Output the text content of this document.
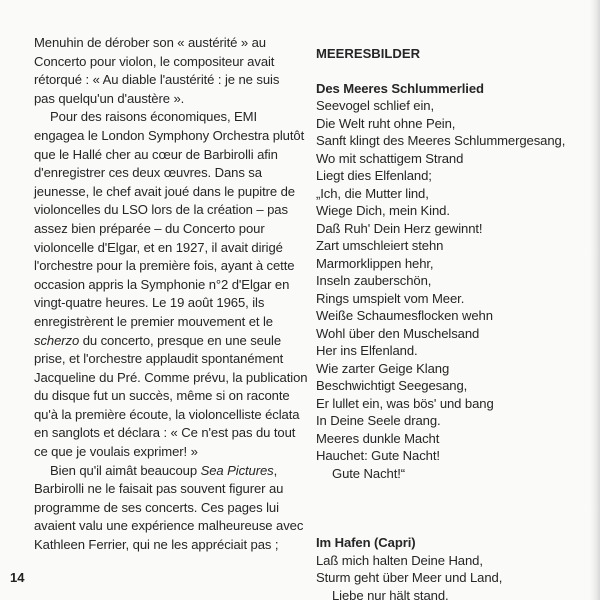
Menuhin de dérober son « austérité » au

Concerto pour violon, le compositeur avait

rétorqué : « Au diable l'austérité : je ne suis

pas quelqu'un d'austère ».

Pour des raisons économiques, EMI

engagea le London Symphony Orchestra plutôt

que le Hallé cher au cœur de Barbirolli afin

d'enregistrer ces deux œuvres. Dans sa

jeunesse, le chef avait joué dans le pupitre de

violoncelles du LSO lors de la création – pas

assez bien préparée – du Concerto pour

violoncelle d'Elgar, et en 1927, il avait dirigé

l'orchestre pour la première fois, ayant à cette

occasion appris la Symphonie n°2 d'Elgar en

vingt-quatre heures. Le 19 août 1965, ils

enregistrèrent le premier mouvement et le

scherzo du concerto, presque en une seule

prise, et l'orchestre applaudit spontanément

Jacqueline du Pré. Comme prévu, la publication

du disque fut un succès, même si on raconte

qu'à la première écoute, la violoncelliste éclata

en sanglots et déclara : « Ce n'est pas du tout

ce que je voulais exprimer! »

Bien qu'il aimât beaucoup Sea Pictures,

Barbirolli ne le faisait pas souvent figurer au

programme de ses concerts. Ces pages lui

avaient valu une expérience malheureuse avec

Kathleen Ferrier, qui ne les appréciait pas ;

MEERESBILDER

Des Meeres Schlummerlied

Seevogel schlief ein,

Die Welt ruht ohne Pein,

Sanft klingt des Meeres Schlummergesang,

Wo mit schattigem Strand

Liegt dies Elfenland;

„Ich, die Mutter lind,

Wiege Dich, mein Kind.

Daß Ruh' Dein Herz gewinnt!

Zart umschleiert stehn

Marmorklippen hehr,

Inseln zauberschön,

Rings umspielt vom Meer.

Weiße Schaumesflocken wehn

Wohl über den Muschelsand

Her ins Elfenland.

Wie zarter Geige Klang

Beschwichtigt Seegesang,

Er lullet ein, was bös' und bang

In Deine Seele drang.

Meeres dunkle Macht

Hauchet: Gute Nacht!

Gute Nacht!“

Im Hafen (Capri)

Laß mich halten Deine Hand,

Sturm geht über Meer und Land,

Liebe nur hält stand.

14
